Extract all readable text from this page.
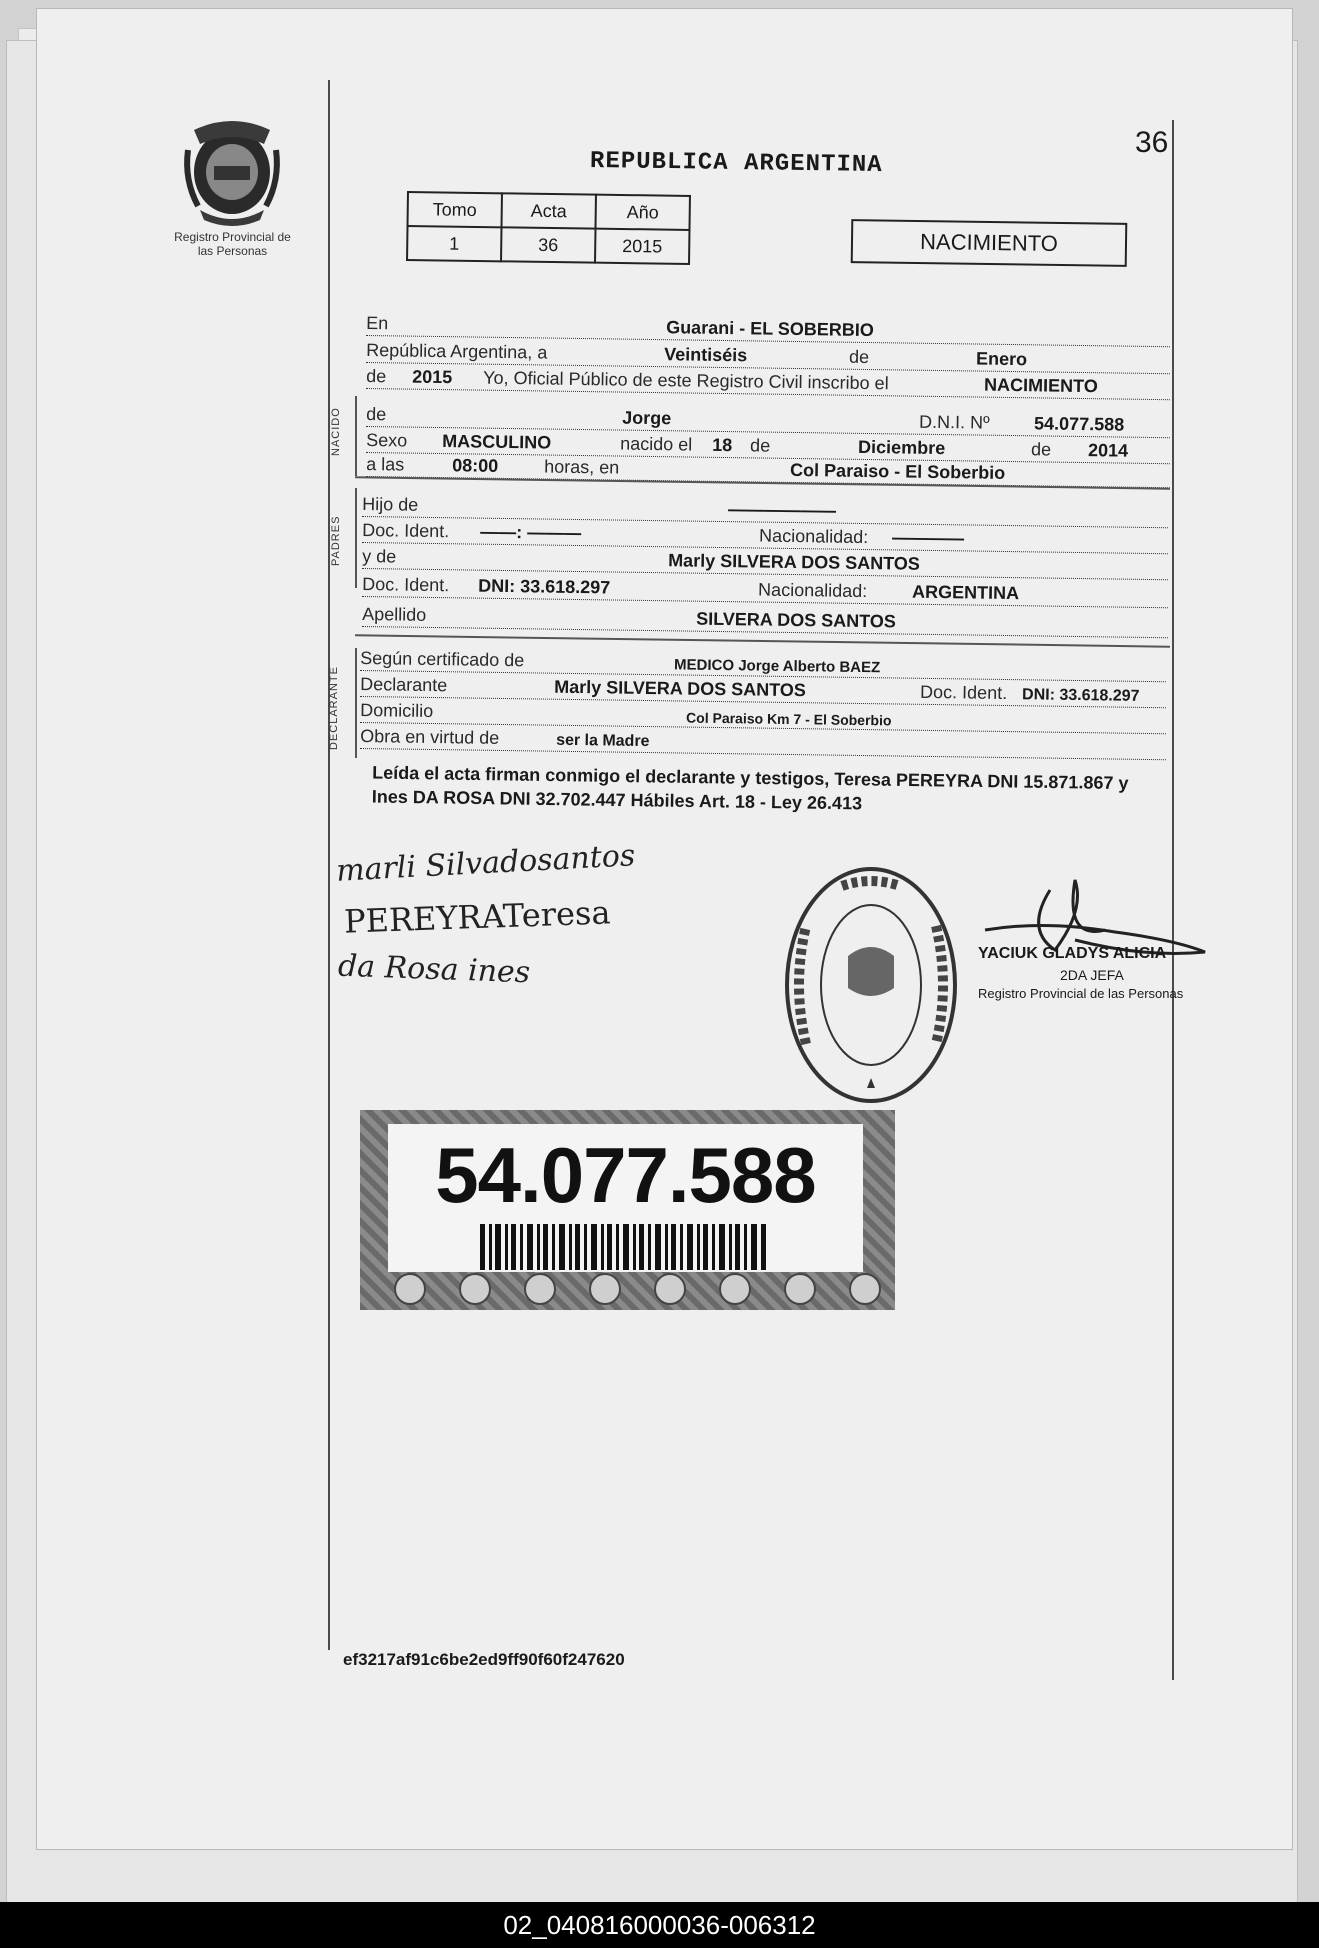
Registro Provincial de las Personas
36
REPUBLICA ARGENTINA
Tomo	Acta	Año
1	36	2015	NACIMIENTO
NACIDO
PADRES
DECLARANTE
En	Guarani - EL SOBERBIO
República Argentina, a	Veintiséis	de	Enero
de 2015 Yo, Oficial Público de este Registro Civil inscribo el	NACIMIENTO
de	Jorge	D.N.I. Nº 54.077.588
Sexo MASCULINO	nacido el 18 de	Diciembre	de 2014
a las	08:00	horas, en	Col Paraiso - El Soberbio
Hijo de	——————
Doc. Ident. ——: ———	Nacionalidad: ————
y de	Marly SILVERA DOS SANTOS
Doc. Ident. DNI: 33.618.297	Nacionalidad: ARGENTINA
Apellido	SILVERA DOS SANTOS
Según certificado de	MEDICO Jorge Alberto BAEZ
Declarante	Marly SILVERA DOS SANTOS	Doc. Ident. DNI: 33.618.297
Domicilio	Col Paraiso Km 7 - El Soberbio
Obra en virtud de	ser la Madre
Leída el acta firman conmigo el declarante y testigos, Teresa PEREYRA DNI 15.871.867 y Ines DA ROSA DNI 32.702.447 Hábiles Art. 18 - Ley 26.413
marli Silvadosantos
PEREYRATeresa
da Rosa ines	YACIUK GLADYS ALICIA
2DA JEFA
Registro Provincial de las Personas
54.077.588
ef3217af91c6be2ed9ff90f60f247620
02_040816000036-006312
